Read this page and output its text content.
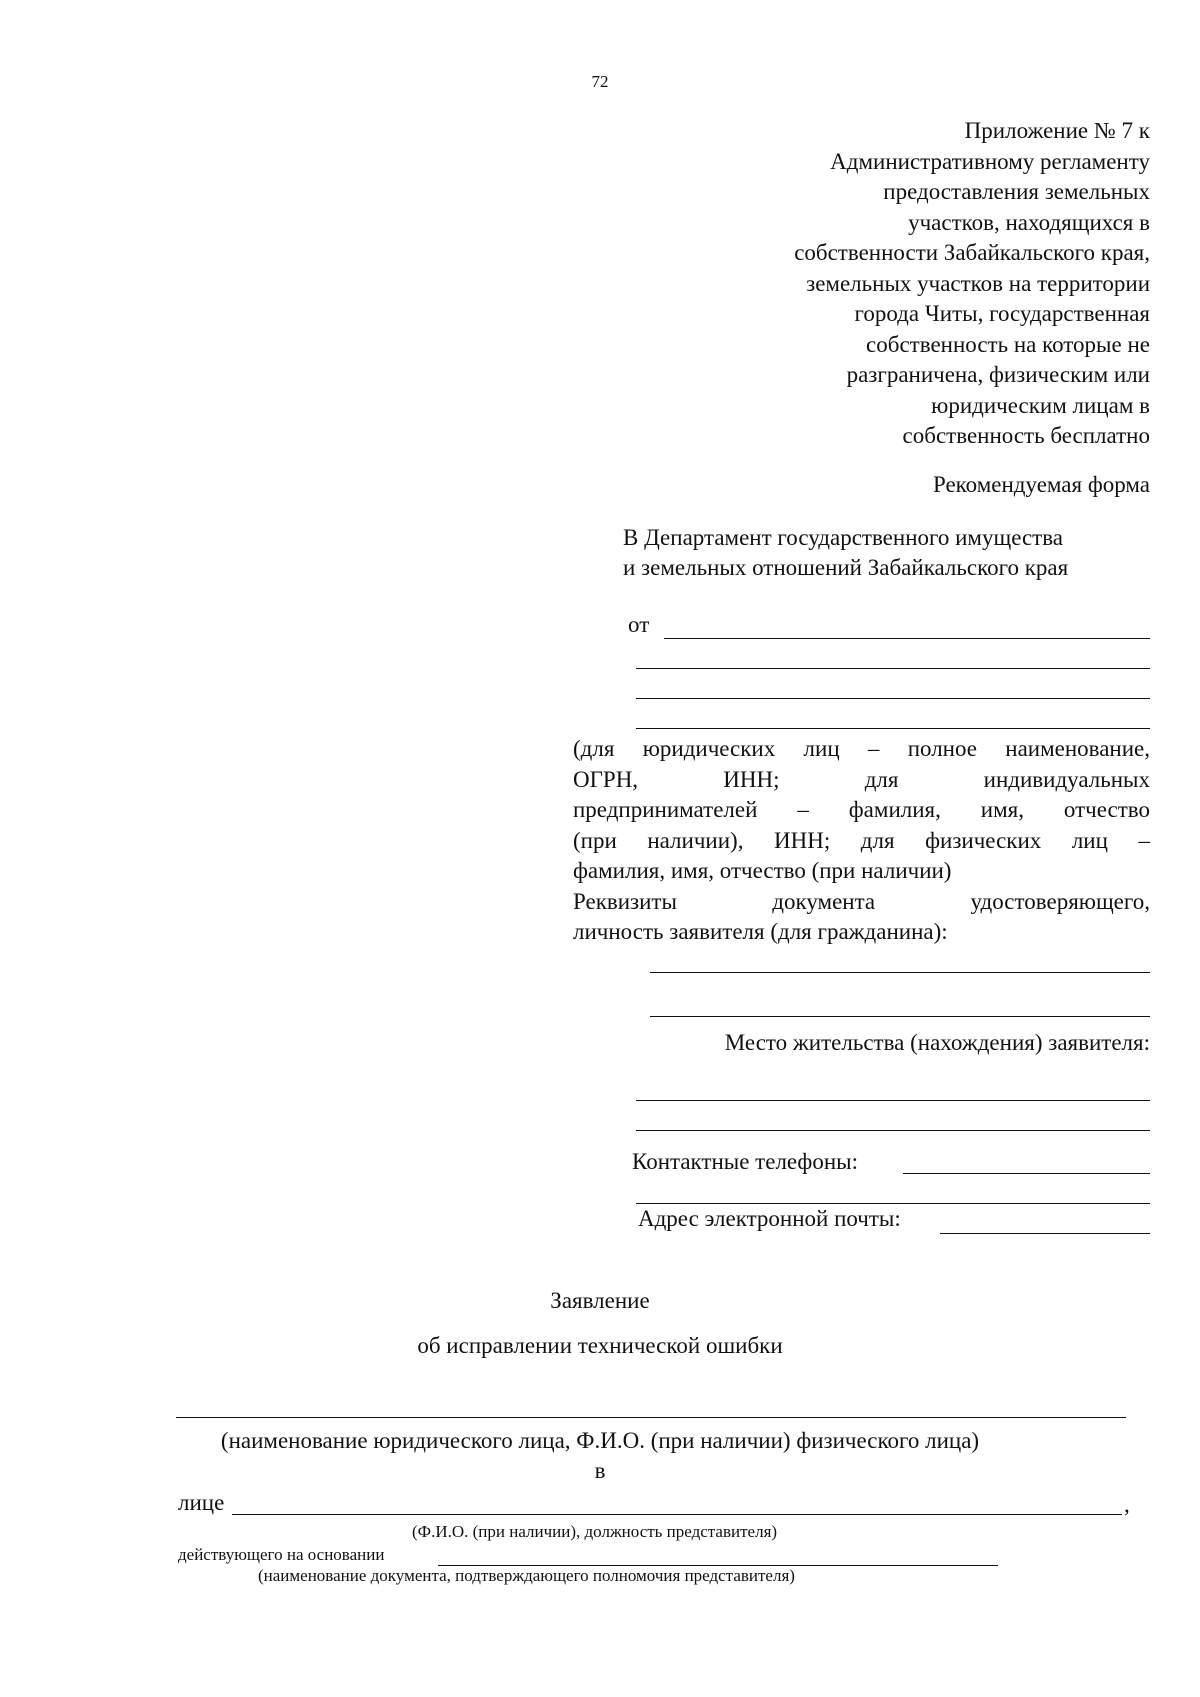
72
Приложение № 7 к
Административному регламенту
предоставления земельных
участков, находящихся в
собственности Забайкальского края,
земельных участков на территории
города Читы, государственная
собственность на которые не
разграничена, физическим или
юридическим лицам в
собственность бесплатно
Рекомендуемая форма
В Департамент государственного имущества
и земельных отношений Забайкальского края
от
(для юридических лиц – полное наименование,
ОГРН, ИНН; для индивидуальных
предпринимателей – фамилия, имя, отчество
(при наличии), ИНН; для физических лиц –
фамилия, имя, отчество (при наличии)
Реквизиты документа удостоверяющего,
личность заявителя (для гражданина):
Место жительства (нахождения) заявителя:
Контактные телефоны:
Адрес электронной почты:
Заявление
об исправлении технической ошибки
(наименование юридического лица, Ф.И.О. (при наличии) физического лица)
в
лице	,
(Ф.И.О. (при наличии), должность представителя)
действующего на основании
(наименование документа, подтверждающего полномочия представителя)
